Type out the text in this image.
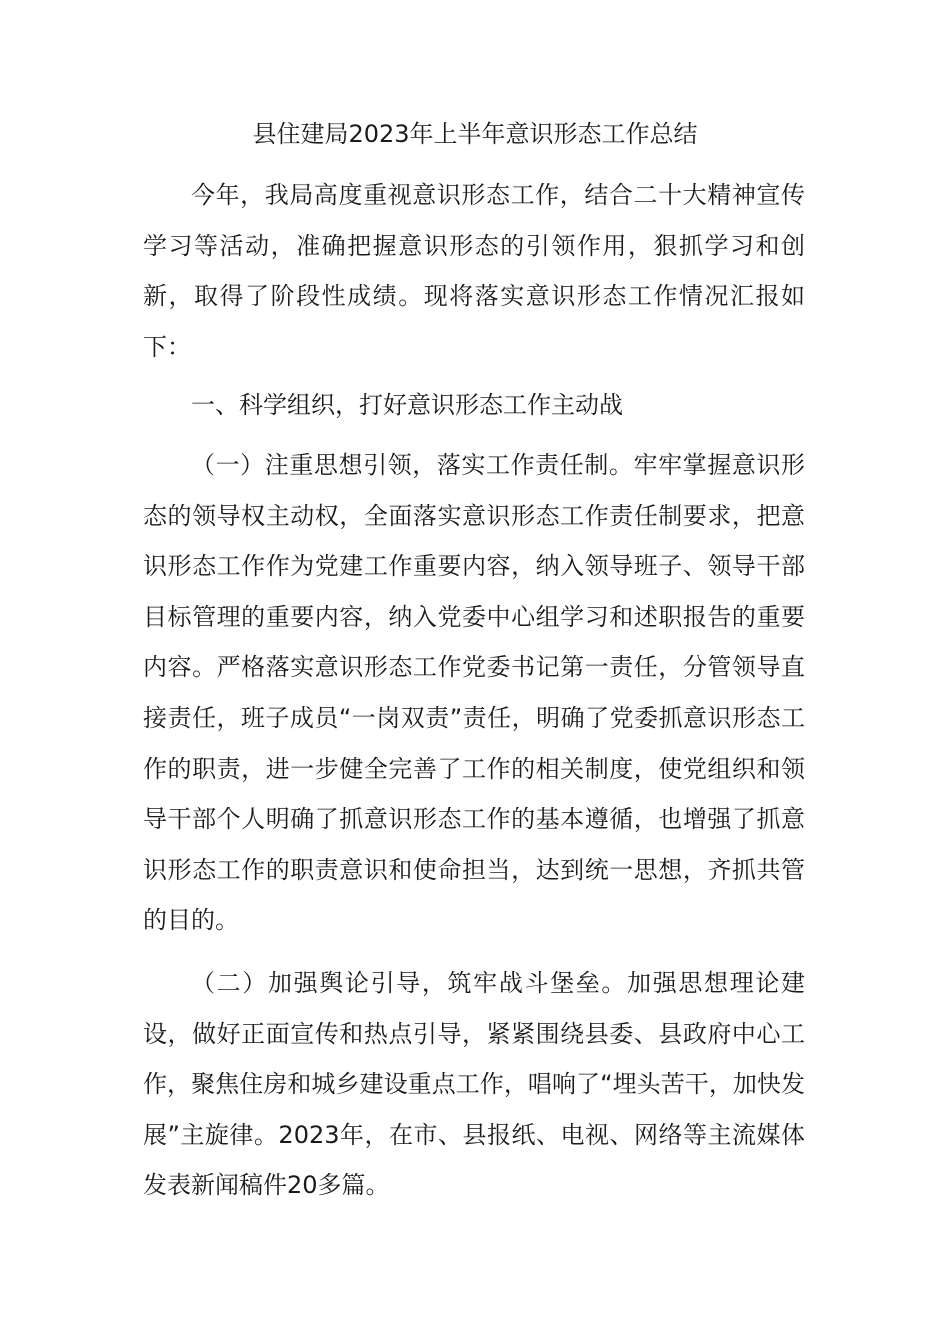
县住建局2023年上半年意识形态工作总结

今年，我局高度重视意识形态工作，结合二十大精神宣传学习等活动，准确把握意识形态的引领作用，狠抓学习和创新，取得了阶段性成绩。现将落实意识形态工作情况汇报如下：

一、科学组织，打好意识形态工作主动战

（一）注重思想引领，落实工作责任制。牢牢掌握意识形态的领导权主动权，全面落实意识形态工作责任制要求，把意识形态工作作为党建工作重要内容，纳入领导班子、领导干部目标管理的重要内容，纳入党委中心组学习和述职报告的重要内容。严格落实意识形态工作党委书记第一责任，分管领导直接责任，班子成员“一岗双责”责任，明确了党委抓意识形态工作的职责，进一步健全完善了工作的相关制度，使党组织和领导干部个人明确了抓意识形态工作的基本遵循，也增强了抓意识形态工作的职责意识和使命担当，达到统一思想，齐抓共管的目的。

（二）加强舆论引导，筑牢战斗堡垒。加强思想理论建设，做好正面宣传和热点引导，紧紧围绕县委、县政府中心工作，聚焦住房和城乡建设重点工作，唱响了“埋头苦干，加快发展”主旋律。2023年，在市、县报纸、电视、网络等主流媒体发表新闻稿件20多篇。
